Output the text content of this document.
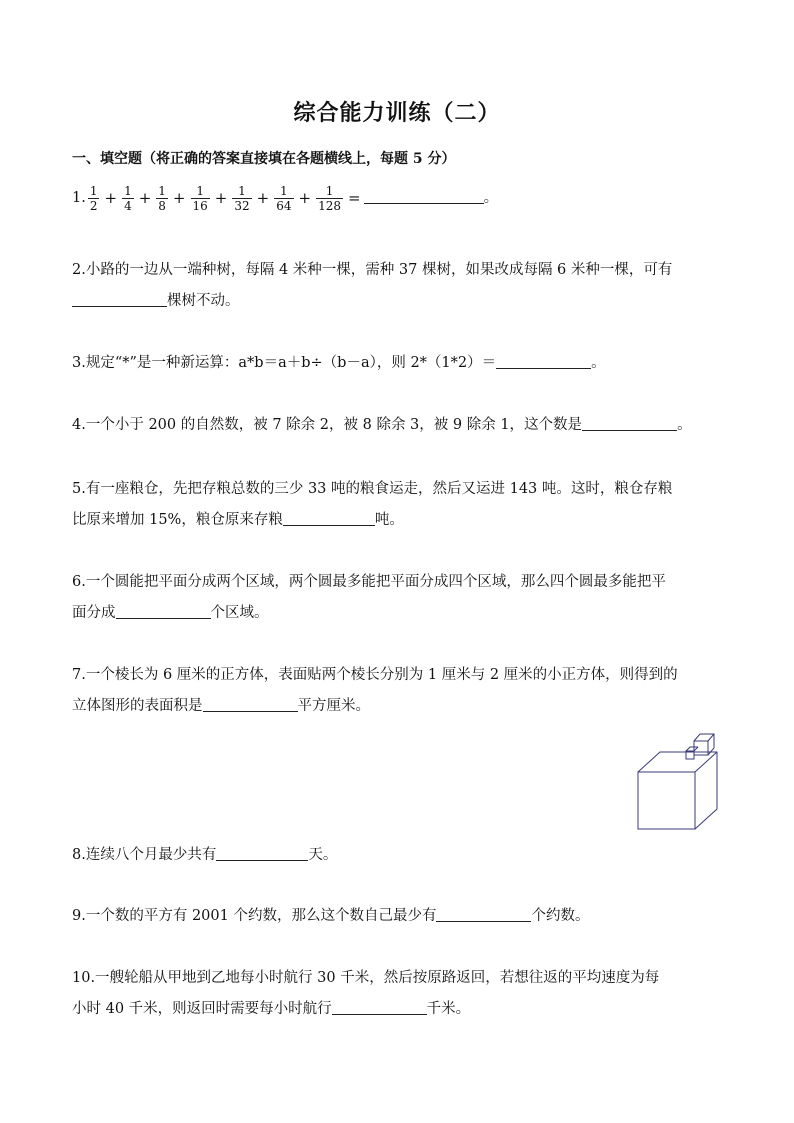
综合能力训练（二）
一、填空题（将正确的答案直接填在各题横线上，每题 5 分）
1. $\frac{1}{2} + \frac{1}{4} + \frac{1}{8} + \frac{1}{16} + \frac{1}{32} + \frac{1}{64} + \frac{1}{128}$ =	。
2.小路的一边从一端种树，每隔 4 米种一棵，需种 37 棵树，如果改成每隔 6 米种一棵，可有
棵树不动。
3.规定“*”是一种新运算：a*b＝a＋b÷（b－a），则 2*（1*2）＝	。
4.一个小于 200 的自然数，被 7 除余 2，被 8 除余 3，被 9 除余 1，这个数是	。
5.有一座粮仓，先把存粮总数的三少 33 吨的粮食运走，然后又运进 143 吨。这时，粮仓存粮
比原来增加 15%，粮仓原来存粮	吨。
6.一个圆能把平面分成两个区域，两个圆最多能把平面分成四个区域，那么四个圆最多能把平
面分成	个区域。
7.一个棱长为 6 厘米的正方体，表面贴两个棱长分别为 1 厘米与 2 厘米的小正方体，则得到的
立体图形的表面积是	平方厘米。
8.连续八个月最少共有	天。
9.一个数的平方有 2001 个约数，那么这个数自己最少有	个约数。
10.一艘轮船从甲地到乙地每小时航行 30 千米，然后按原路返回，若想往返的平均速度为每
小时 40 千米，则返回时需要每小时航行	千米。
